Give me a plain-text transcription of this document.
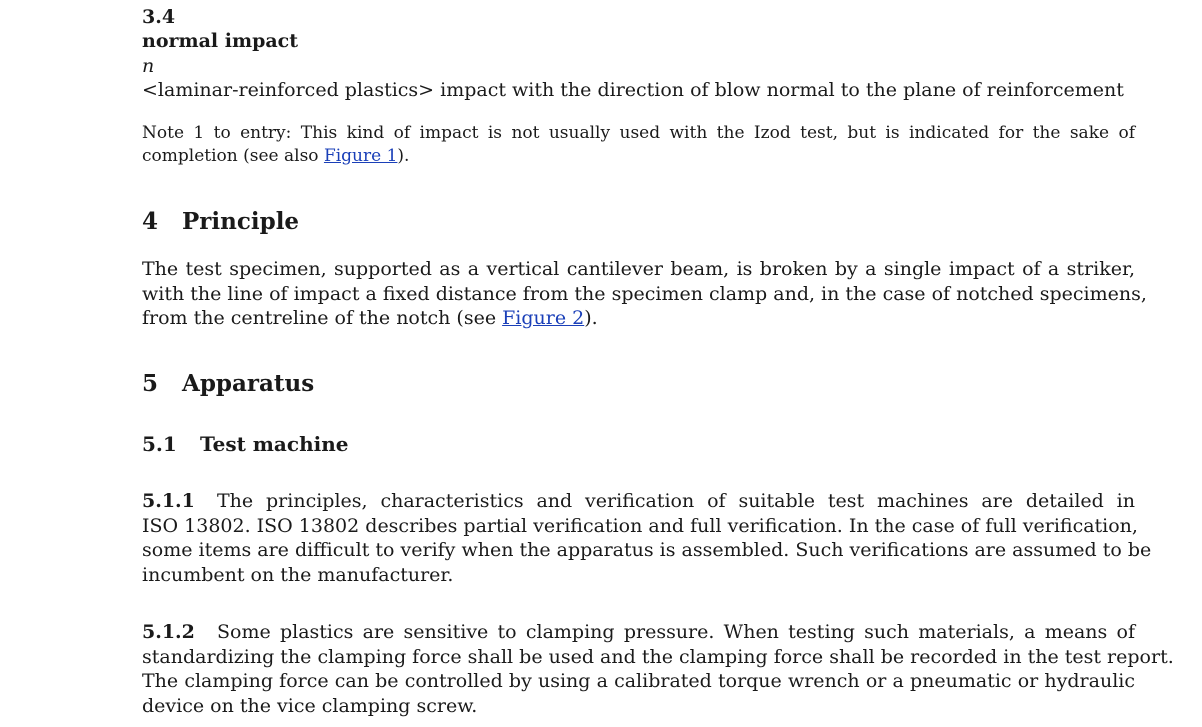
3.4
normal impact
n
<laminar-reinforced plastics> impact with the direction of blow normal to the plane of reinforcement
Note 1 to entry: This kind of impact is not usually used with the Izod test, but is indicated for the sake of
completion (see also Figure 1).
4 Principle
The test specimen, supported as a vertical cantilever beam, is broken by a single impact of a striker,
with the line of impact a fixed distance from the specimen clamp and, in the case of notched specimens,
from the centreline of the notch (see Figure 2).
5 Apparatus
5.1 Test machine
5.1.1 The principles, characteristics and verification of suitable test machines are detailed in
ISO 13802. ISO 13802 describes partial verification and full verification. In the case of full verification,
some items are difficult to verify when the apparatus is assembled. Such verifications are assumed to be
incumbent on the manufacturer.
5.1.2 Some plastics are sensitive to clamping pressure. When testing such materials, a means of
standardizing the clamping force shall be used and the clamping force shall be recorded in the test report.
The clamping force can be controlled by using a calibrated torque wrench or a pneumatic or hydraulic
device on the vice clamping screw.
